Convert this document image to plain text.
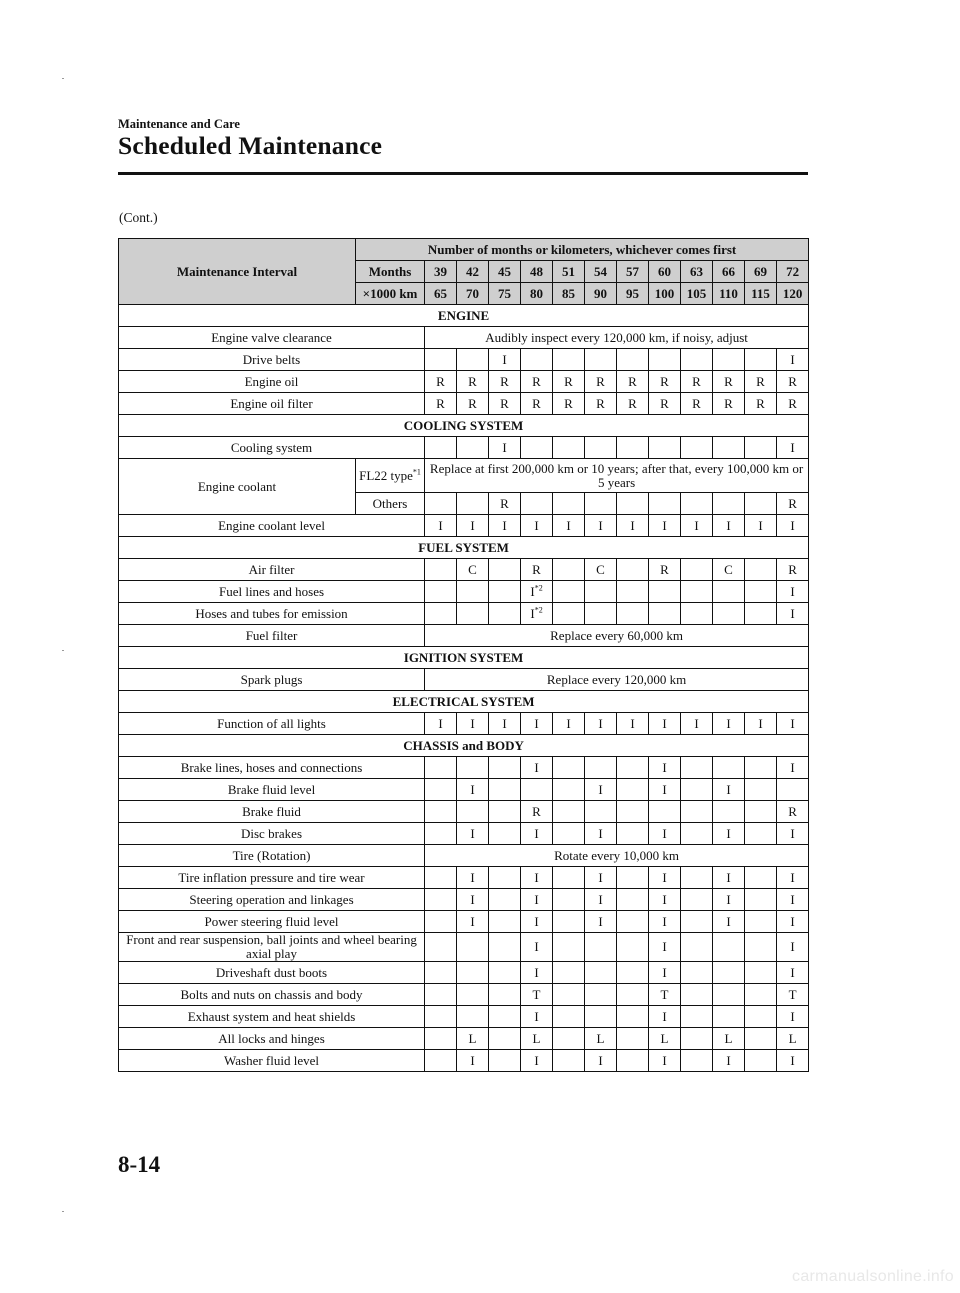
Maintenance and Care
Scheduled Maintenance
(Cont.)
Maintenance Interval	Number of months or kilometers, whichever comes first												
	Months	39	42	45	48	51	54	57	60	63	66	69	72
	×1000 km	65	70	75	80	85	90	95	100	105	110	115	120
ENGINE													
Engine valve clearance		Audibly inspect every 120,000 km, if noisy, adjust											
Drive belts				I									I
Engine oil		R	R	R	R	R	R	R	R	R	R	R	R
Engine oil filter		R	R	R	R	R	R	R	R	R	R	R	R
COOLING SYSTEM													
Cooling system				I									I
Engine coolant	FL22 type$^{*1}$	Replace at first 200,000 km or 10 years; after that, every 100,000 km or 5 years											
	Others			R									R
Engine coolant level		I	I	I	I	I	I	I	I	I	I	I	I
FUEL SYSTEM													
Air filter			C		R		C		R		C		R
Fuel lines and hoses					$I^{*2}$								I
Hoses and tubes for emission					$I^{*2}$								I
Fuel filter		Replace every 60,000 km											
IGNITION SYSTEM													
Spark plugs		Replace every 120,000 km											
ELECTRICAL SYSTEM													
Function of all lights		I	I	I	I	I	I	I	I	I	I	I	I
CHASSIS and BODY													
Brake lines, hoses and connections					I				I				I
Brake fluid level			I				I		I		I		
Brake fluid					R								R
Disc brakes			I		I		I		I		I		I
Tire (Rotation)		Rotate every 10,000 km											
Tire inflation pressure and tire wear			I		I		I		I		I		I
Steering operation and linkages			I		I		I		I		I		I
Power steering fluid level			I		I		I		I		I		I
Front and rear suspension, ball joints and wheel bearing axial play					I				I				I
Driveshaft dust boots					I				I				I
Bolts and nuts on chassis and body					T				T				T
Exhaust system and heat shields					I				I				I
All locks and hinges			L		L		L		L		L		L
Washer fluid level			I		I		I		I		I		I
8-14
carmanualsonline.info
